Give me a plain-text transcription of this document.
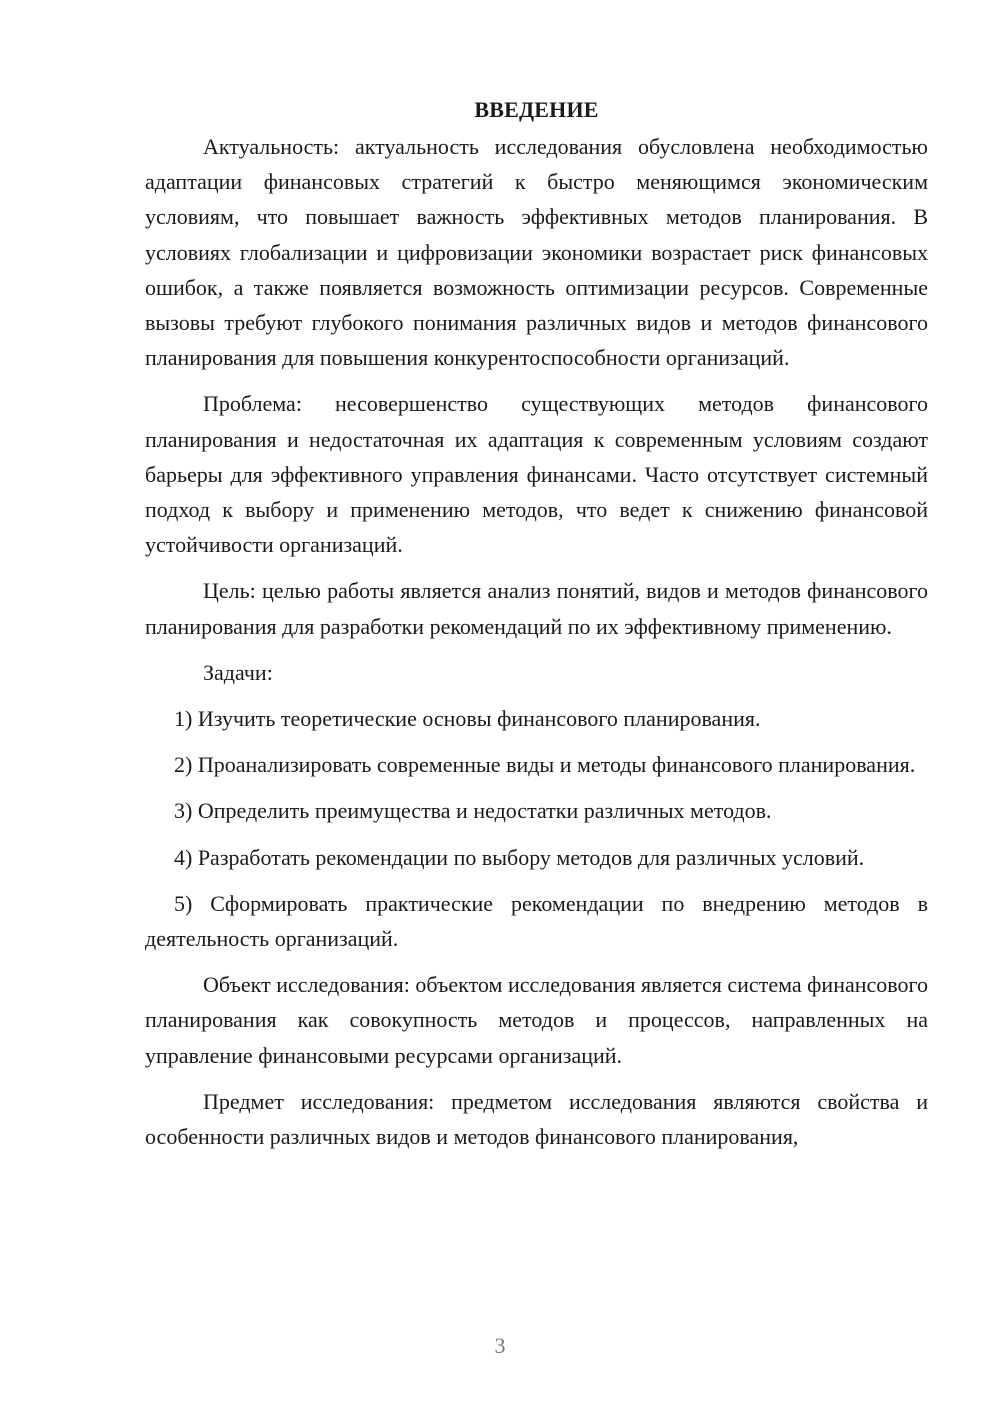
ВВЕДЕНИЕ

Актуальность: актуальность исследования обусловлена необходимостью адаптации финансовых стратегий к быстро меняющимся экономическим условиям, что повышает важность эффективных методов планирования. В условиях глобализации и цифровизации экономики возрастает риск финансовых ошибок, а также появляется возможность оптимизации ресурсов. Современные вызовы требуют глубокого понимания различных видов и методов финансового планирования для повышения конкурентоспособности организаций.

Проблема: несовершенство существующих методов финансового планирования и недостаточная их адаптация к современным условиям создают барьеры для эффективного управления финансами. Часто отсутствует системный подход к выбору и применению методов, что ведет к снижению финансовой устойчивости организаций.

Цель: целью работы является анализ понятий, видов и методов финансового планирования для разработки рекомендаций по их эффективному применению.

Задачи:

1) Изучить теоретические основы финансового планирования.

2) Проанализировать современные виды и методы финансового планирования.

3) Определить преимущества и недостатки различных методов.

4) Разработать рекомендации по выбору методов для различных условий.

5) Сформировать практические рекомендации по внедрению методов в деятельность организаций.

Объект исследования: объектом исследования является система финансового планирования как совокупность методов и процессов, направленных на управление финансовыми ресурсами организаций.

Предмет исследования: предметом исследования являются свойства и особенности различных видов и методов финансового планирования,

3
